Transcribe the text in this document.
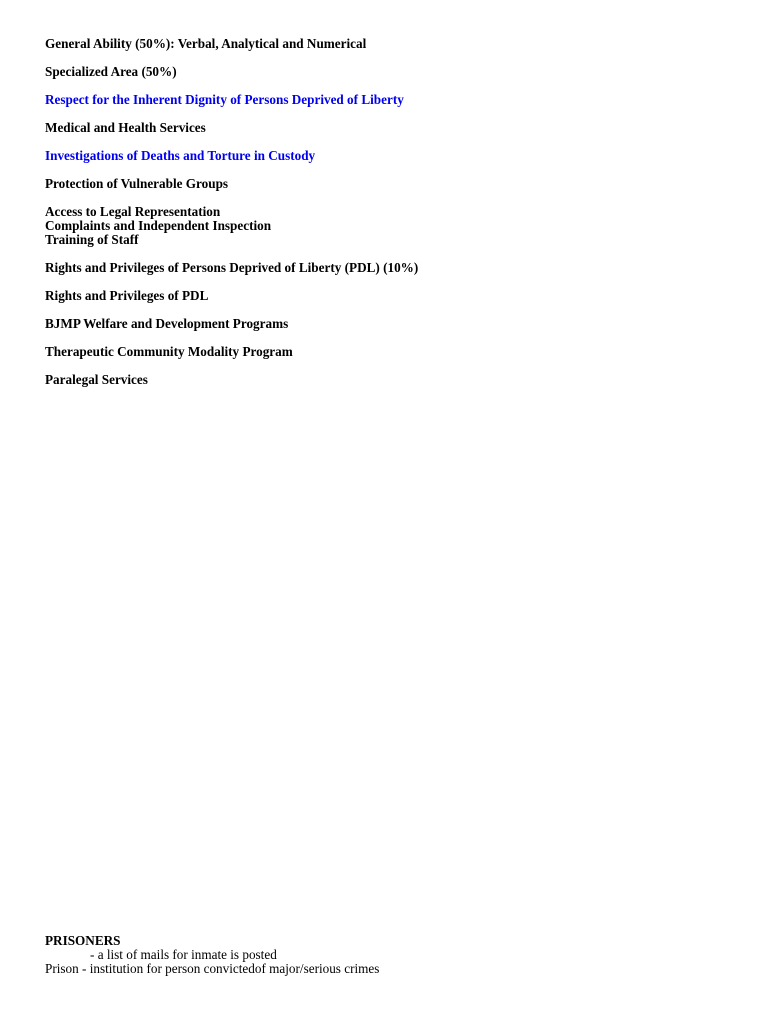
General Ability (50%): Verbal, Analytical and Numerical
Specialized Area (50%)
Respect for the Inherent Dignity of Persons Deprived of Liberty
Medical and Health Services
Investigations of Deaths and Torture in Custody
Protection of Vulnerable Groups
Access to Legal Representation
Complaints and Independent Inspection
Training of Staff
Rights and Privileges of Persons Deprived of Liberty (PDL) (10%)
Rights and Privileges of PDL
BJMP Welfare and Development Programs
Therapeutic Community Modality Program
Paralegal Services
PRISONERS
- a list of mails for inmate is posted
Prison - institution for person convictedof major/serious crimes
